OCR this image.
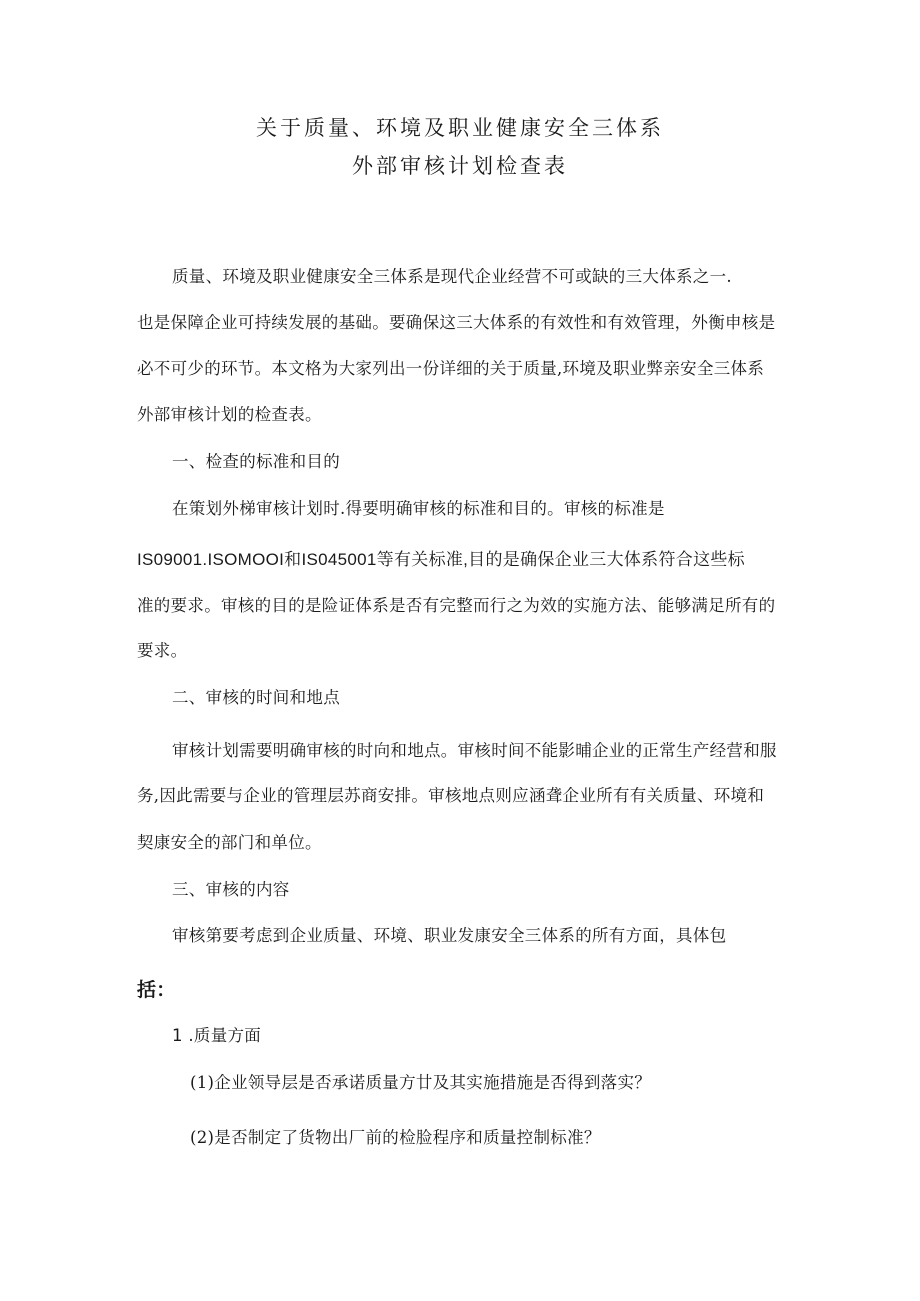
关于质量、环境及职业健康安全三体系
外部审核计划检查表

质量、环境及职业健康安全三体系是现代企业经营不可或缺的三大体系之一.

也是保障企业可持续发展的基础。要确保这三大体系的有效性和有效管理，外衡申核是

必不可少的环节。本文格为大家列出一份详细的关于质量,环境及职业弊亲安全三体系

外部审核计划的检查表。

一、检查的标准和目的

在策划外梯审核计划时.得要明确审核的标准和目的。审核的标准是

IS09001.ISOMOOI和IS045001等有关标准,目的是确保企业三大体系符合这些标

准的要求。审核的目的是险证体系是否有完整而行之为效的实施方法、能够满足所有的

要求。

二、审核的时间和地点

审核计划需要明确审核的时向和地点。审核时间不能影晡企业的正常生产经营和服

务,因此需要与企业的管理层苏商安排。审核地点则应涵聋企业所有有关质量、环境和

契康安全的部门和单位。

三、审核的内容

审核第要考虑到企业质量、环境、职业发康安全三体系的所有方面，具体包

括：

1 .质量方面

(1)企业领导层是否承诺质量方廿及其实施措施是否得到落实？

(2)是否制定了货物出厂前的检脸程序和质量控制标准？
